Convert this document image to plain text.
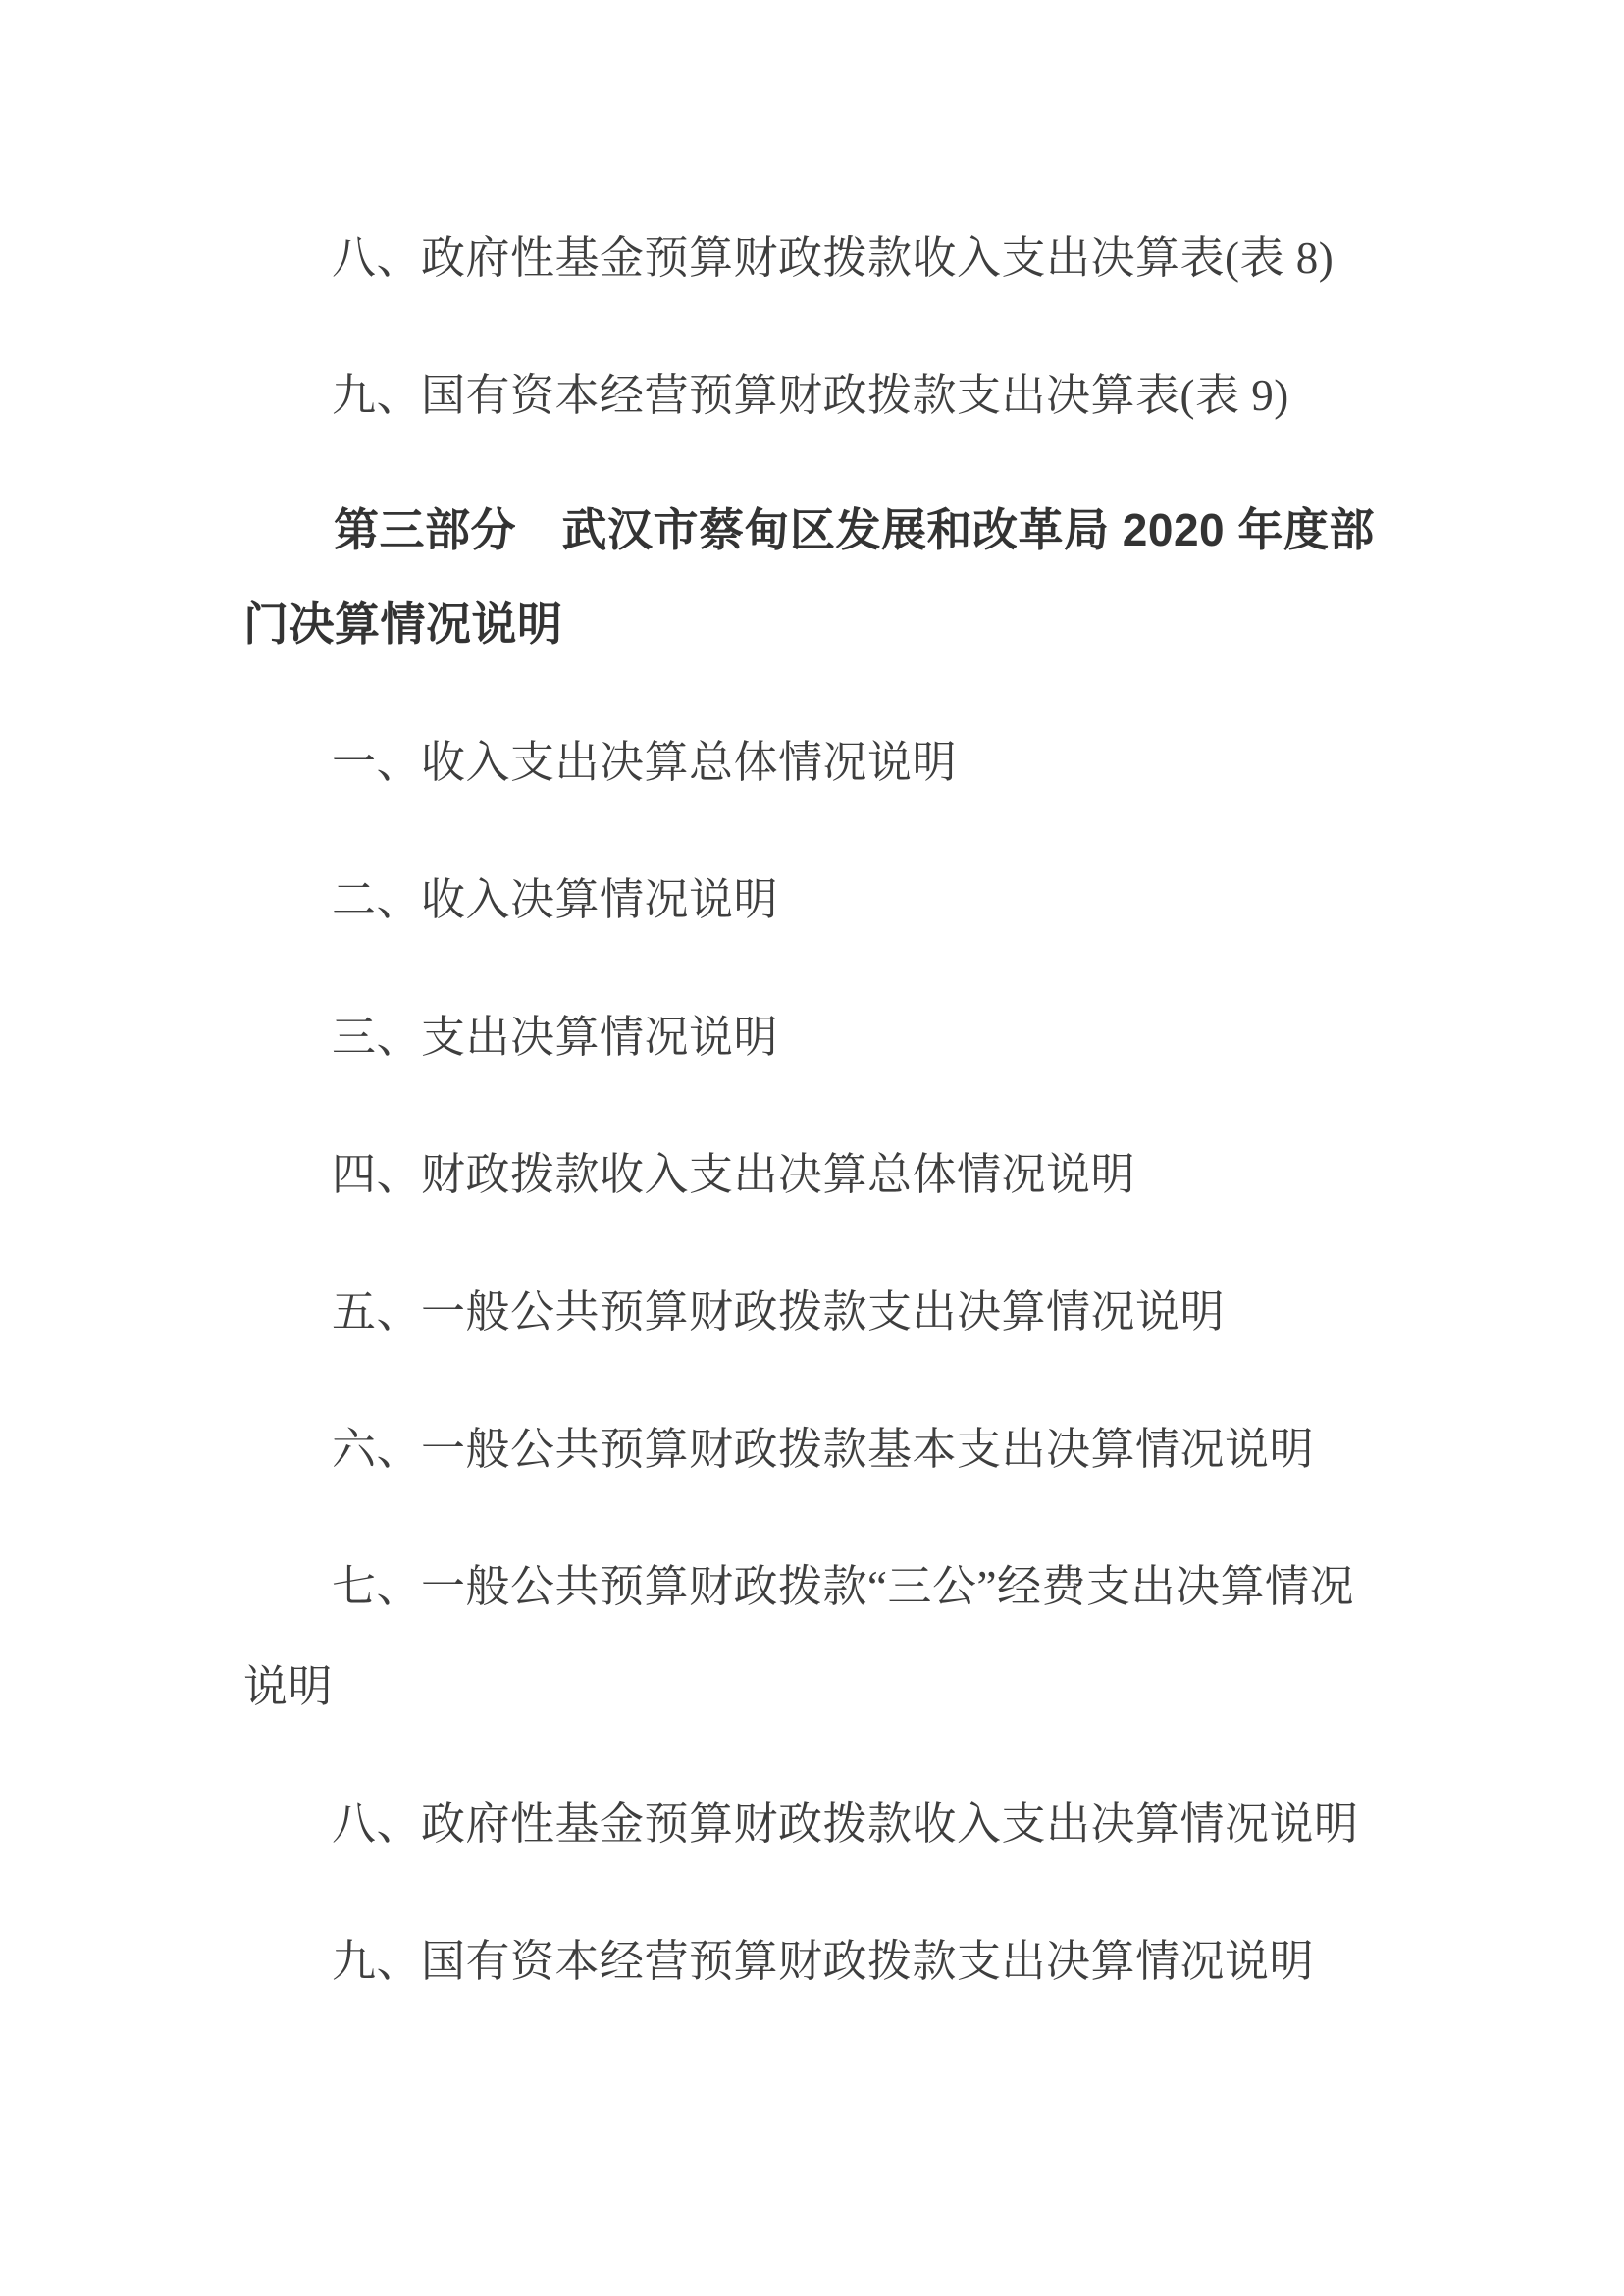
八、政府性基金预算财政拨款收入支出决算表(表 8)

九、国有资本经营预算财政拨款支出决算表(表 9)

第三部分　武汉市蔡甸区发展和改革局 2020 年度部门决算情况说明

一、收入支出决算总体情况说明

二、收入决算情况说明

三、支出决算情况说明

四、财政拨款收入支出决算总体情况说明

五、一般公共预算财政拨款支出决算情况说明

六、一般公共预算财政拨款基本支出决算情况说明

七、一般公共预算财政拨款“三公”经费支出决算情况说明

八、政府性基金预算财政拨款收入支出决算情况说明

九、国有资本经营预算财政拨款支出决算情况说明
